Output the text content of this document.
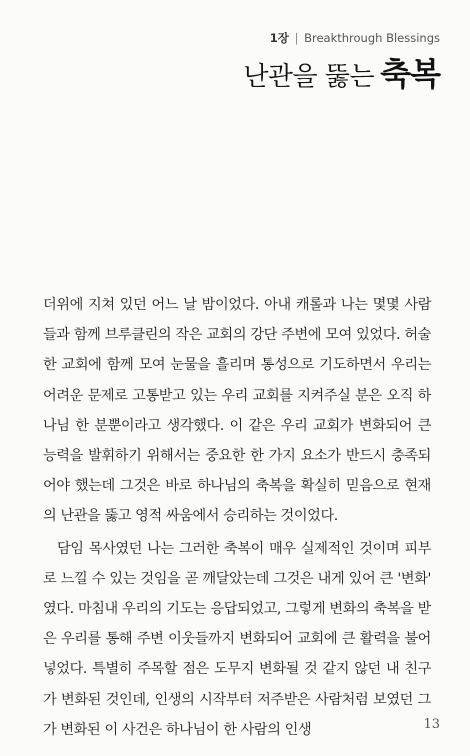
1장 | Breakthrough Blessings
난관을 뚫는 축복

더위에 지쳐 있던 어느 날 밤이었다. 아내 캐롤과 나는 몇몇 사람들과 함께 브루클린의 작은 교회의 강단 주변에 모여 있었다. 허술한 교회에 함께 모여 눈물을 흘리며 통성으로 기도하면서 우리는 어려운 문제로 고통받고 있는 우리 교회를 지켜주실 분은 오직 하나님 한 분뿐이라고 생각했다. 이 같은 우리 교회가 변화되어 큰 능력을 발휘하기 위해서는 중요한 한 가지 요소가 반드시 충족되어야 했는데 그것은 바로 하나님의 축복을 확실히 믿음으로 현재의 난관을 뚫고 영적 싸움에서 승리하는 것이었다.

담임 목사였던 나는 그러한 축복이 매우 실제적인 것이며 피부로 느낄 수 있는 것임을 곧 깨달았는데 그것은 내게 있어 큰 '변화' 였다. 마침내 우리의 기도는 응답되었고, 그렇게 변화의 축복을 받은 우리를 통해 주변 이웃들까지 변화되어 교회에 큰 활력을 불어넣었다. 특별히 주목할 점은 도무지 변화될 것 같지 않던 내 친구가 변화된 것인데, 인생의 시작부터 저주받은 사람처럼 보였던 그가 변화된 이 사건은 하나님이 한 사람의 인생	13
